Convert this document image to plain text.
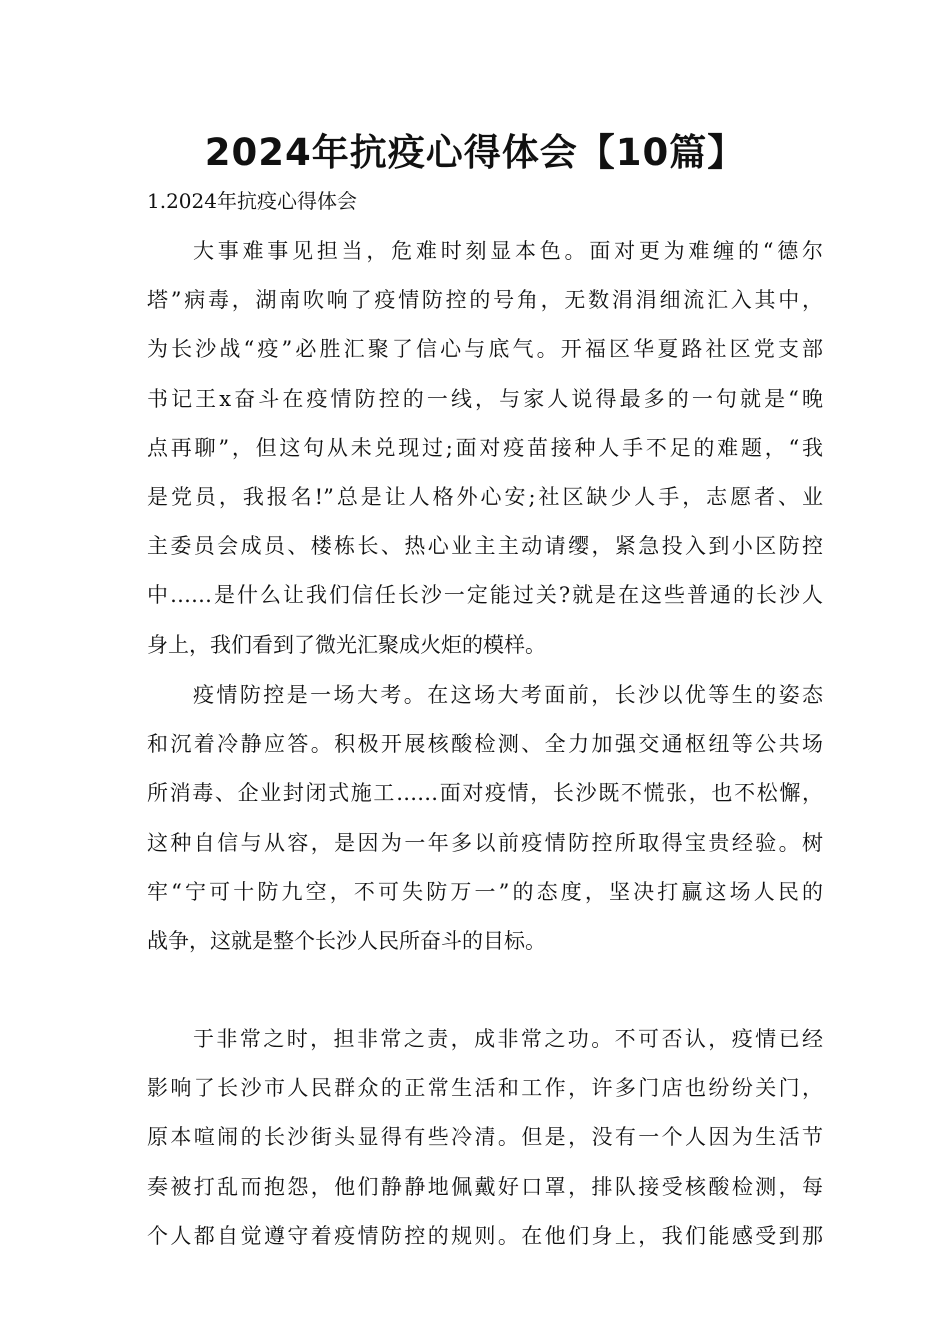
2024年抗疫心得体会【10篇】

1.2024年抗疫心得体会

大事难事见担当，危难时刻显本色。面对更为难缠的“德尔
塔”病毒，湖南吹响了疫情防控的号角，无数涓涓细流汇入其中，
为长沙战“疫”必胜汇聚了信心与底气。开福区华夏路社区党支部
书记王x奋斗在疫情防控的一线，与家人说得最多的一句就是“晚
点再聊”，但这句从未兑现过;面对疫苗接种人手不足的难题，“我
是党员，我报名!”总是让人格外心安;社区缺少人手，志愿者、业
主委员会成员、楼栋长、热心业主主动请缨，紧急投入到小区防控
中……是什么让我们信任长沙一定能过关?就是在这些普通的长沙人
身上，我们看到了微光汇聚成火炬的模样。
疫情防控是一场大考。在这场大考面前，长沙以优等生的姿态
和沉着冷静应答。积极开展核酸检测、全力加强交通枢纽等公共场
所消毒、企业封闭式施工……面对疫情，长沙既不慌张，也不松懈，
这种自信与从容，是因为一年多以前疫情防控所取得宝贵经验。树
牢“宁可十防九空，不可失防万一”的态度，坚决打赢这场人民的
战争，这就是整个长沙人民所奋斗的目标。
于非常之时，担非常之责，成非常之功。不可否认，疫情已经
影响了长沙市人民群众的正常生活和工作，许多门店也纷纷关门，
原本喧闹的长沙街头显得有些冷清。但是，没有一个人因为生活节
奏被打乱而抱怨，他们静静地佩戴好口罩，排队接受核酸检测，每
个人都自觉遵守着疫情防控的规则。在他们身上，我们能感受到那
